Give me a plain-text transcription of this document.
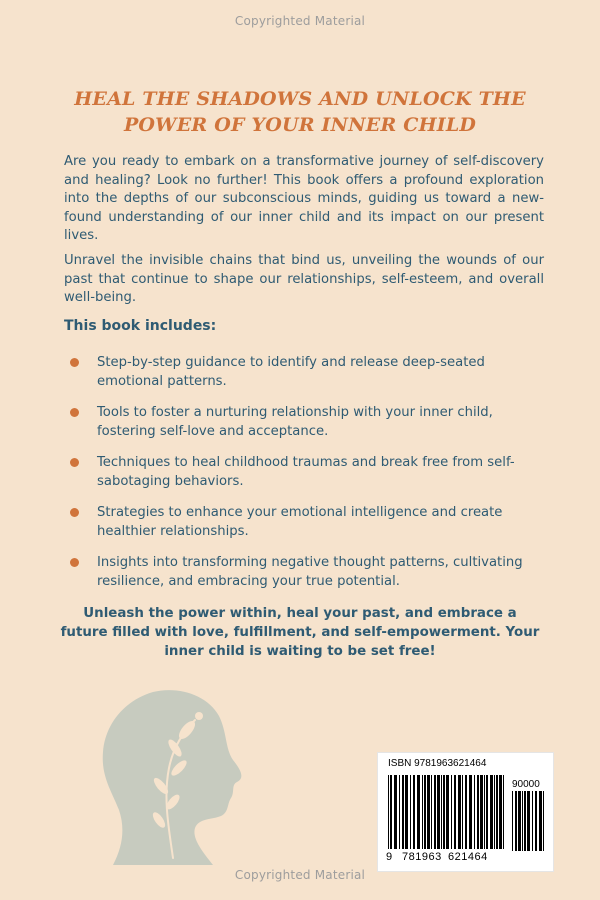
Copyrighted Material
HEAL THE SHADOWS AND UNLOCK THE POWER OF YOUR INNER CHILD

Are you ready to embark on a transformative journey of self-discovery and healing? Look no further! This book offers a profound exploration into the depths of our subconscious minds, guiding us toward a new-found understanding of our inner child and its impact on our present lives.

Unravel the invisible chains that bind us, unveiling the wounds of our past that continue to shape our relationships, self-esteem, and overall well-being.

This book includes:
Step-by-step guidance to identify and release deep-seated emotional patterns.
Tools to foster a nurturing relationship with your inner child, fostering self-love and acceptance.
Techniques to heal childhood traumas and break free from self-sabotaging behaviors.
Strategies to enhance your emotional intelligence and create healthier relationships.
Insights into transforming negative thought patterns, cultivating resilience, and embracing your true potential.
Unleash the power within, heal your past, and embrace a future filled with love, fulfillment, and self-empowerment. Your inner child is waiting to be set free!
ISBN 9781963621464
90000
9 781963 621464
Copyrighted Material
